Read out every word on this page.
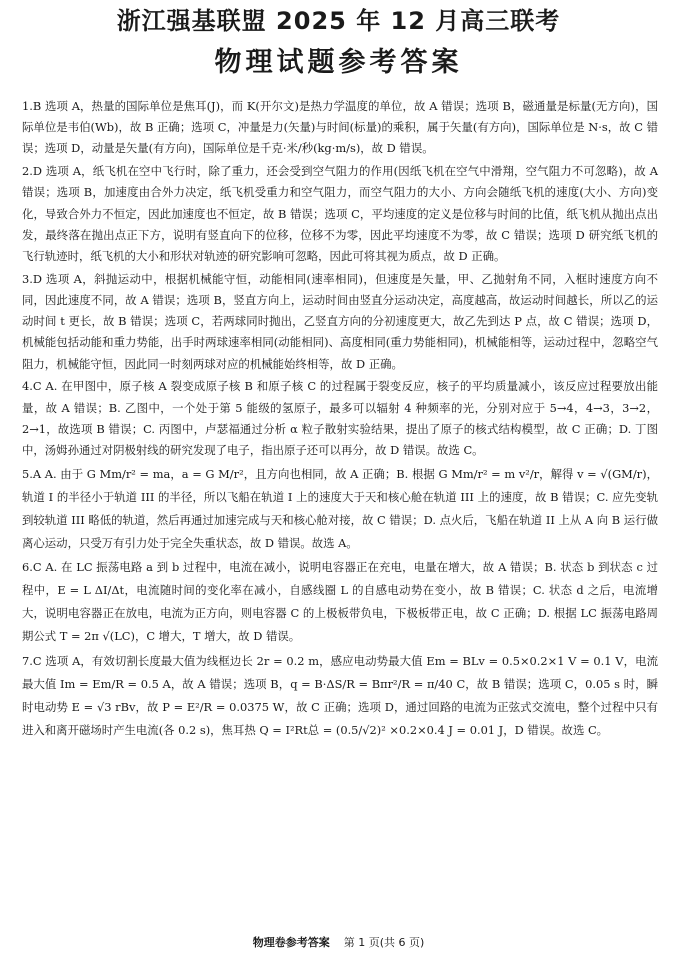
浙江强基联盟 2025 年 12 月高三联考
物理试题参考答案

1.B 选项 A，热量的国际单位是焦耳(J)，而 K(开尔文)是热力学温度的单位，故 A 错误；选项 B，磁通量是标量(无方向)，国际单位是韦伯(Wb)，故 B 正确；选项 C，冲量是力(矢量)与时间(标量)的乘积，属于矢量(有方向)，国际单位是 N·s，故 C 错误；选项 D，动量是矢量(有方向)，国际单位是千克·米/秒(kg·m/s)，故 D 错误。

2.D 选项 A，纸飞机在空中飞行时，除了重力，还会受到空气阻力的作用(因纸飞机在空气中滑翔，空气阻力不可忽略)，故 A 错误；选项 B，加速度由合外力决定，纸飞机受重力和空气阻力，而空气阻力的大小、方向会随纸飞机的速度(大小、方向)变化，导致合外力不恒定，因此加速度也不恒定，故 B 错误；选项 C，平均速度的定义是位移与时间的比值，纸飞机从抛出点出发，最终落在抛出点正下方，说明有竖直向下的位移，位移不为零，因此平均速度不为零，故 C 错误；选项 D 研究纸飞机的飞行轨迹时，纸飞机的大小和形状对轨迹的研究影响可忽略，因此可将其视为质点，故 D 正确。

3.D 选项 A，斜抛运动中，根据机械能守恒，动能相同(速率相同)，但速度是矢量，甲、乙抛射角不同，入框时速度方向不同，因此速度不同，故 A 错误；选项 B，竖直方向上，运动时间由竖直分运动决定，高度越高，故运动时间越长，所以乙的运动时间 t 更长，故 B 错误；选项 C，若两球同时抛出，乙竖直方向的分初速度更大，故乙先到达 P 点，故 C 错误；选项 D，机械能包括动能和重力势能，出手时两球速率相同(动能相同)、高度相同(重力势能相同)，机械能相等，运动过程中，忽略空气阻力，机械能守恒，因此同一时刻两球对应的机械能始终相等，故 D 正确。

4.C A. 在甲图中，原子核 A 裂变成原子核 B 和原子核 C 的过程属于裂变反应，核子的平均质量减小，该反应过程要放出能量，故 A 错误；B. 乙图中，一个处于第 5 能级的氢原子，最多可以辐射 4 种频率的光，分别对应于 5→4，4→3，3→2，2→1，故选项 B 错误；C. 丙图中，卢瑟福通过分析 α 粒子散射实验结果，提出了原子的核式结构模型，故 C 正确；D. 丁图中，汤姆孙通过对阴极射线的研究发现了电子，指出原子还可以再分，故 D 错误。故选 C。

5.A A. 由于 G Mm/r² = ma，a = G M/r²，且方向也相同，故 A 正确；B. 根据 G Mm/r² = m v²/r，解得 v = √(GM/r)，轨道 I 的半径小于轨道 III 的半径，所以飞船在轨道 I 上的速度大于天和核心舱在轨道 III 上的速度，故 B 错误；C. 应先变轨到较轨道 III 略低的轨道，然后再通过加速完成与天和核心舱对接，故 C 错误；D. 点火后，飞船在轨道 II 上从 A 向 B 运行做离心运动，只受万有引力处于完全失重状态，故 D 错误。故选 A。

6.C A. 在 LC 振荡电路 a 到 b 过程中，电流在减小，说明电容器正在充电，电量在增大，故 A 错误；B. 状态 b 到状态 c 过程中，E = L ΔI/Δt，电流随时间的变化率在减小，自感线圈 L 的自感电动势在变小，故 B 错误；C. 状态 d 之后，电流增大，说明电容器正在放电，电流为正方向，则电容器 C 的上极板带负电，下极板带正电，故 C 正确；D. 根据 LC 振荡电路周期公式 T = 2π √(LC)，C 增大，T 增大，故 D 错误。

7.C 选项 A，有效切割长度最大值为线框边长 2r = 0.2 m，感应电动势最大值 Em = BLv = 0.5×0.2×1 V = 0.1 V，电流最大值 Im = Em/R = 0.5 A，故 A 错误；选项 B，q = B·ΔS/R = Bπr²/R = π/40 C，故 B 错误；选项 C，0.05 s 时，瞬时电动势 E = √3 rBv，故 P = E²/R = 0.0375 W，故 C 正确；选项 D，通过回路的电流为正弦式交流电，整个过程中只有进入和离开磁场时产生电流(各 0.2 s)，焦耳热 Q = I²Rt总 = (0.5/√2)² ×0.2×0.4 J = 0.01 J，D 错误。故选 C。

物理卷参考答案 第 1 页(共 6 页)
